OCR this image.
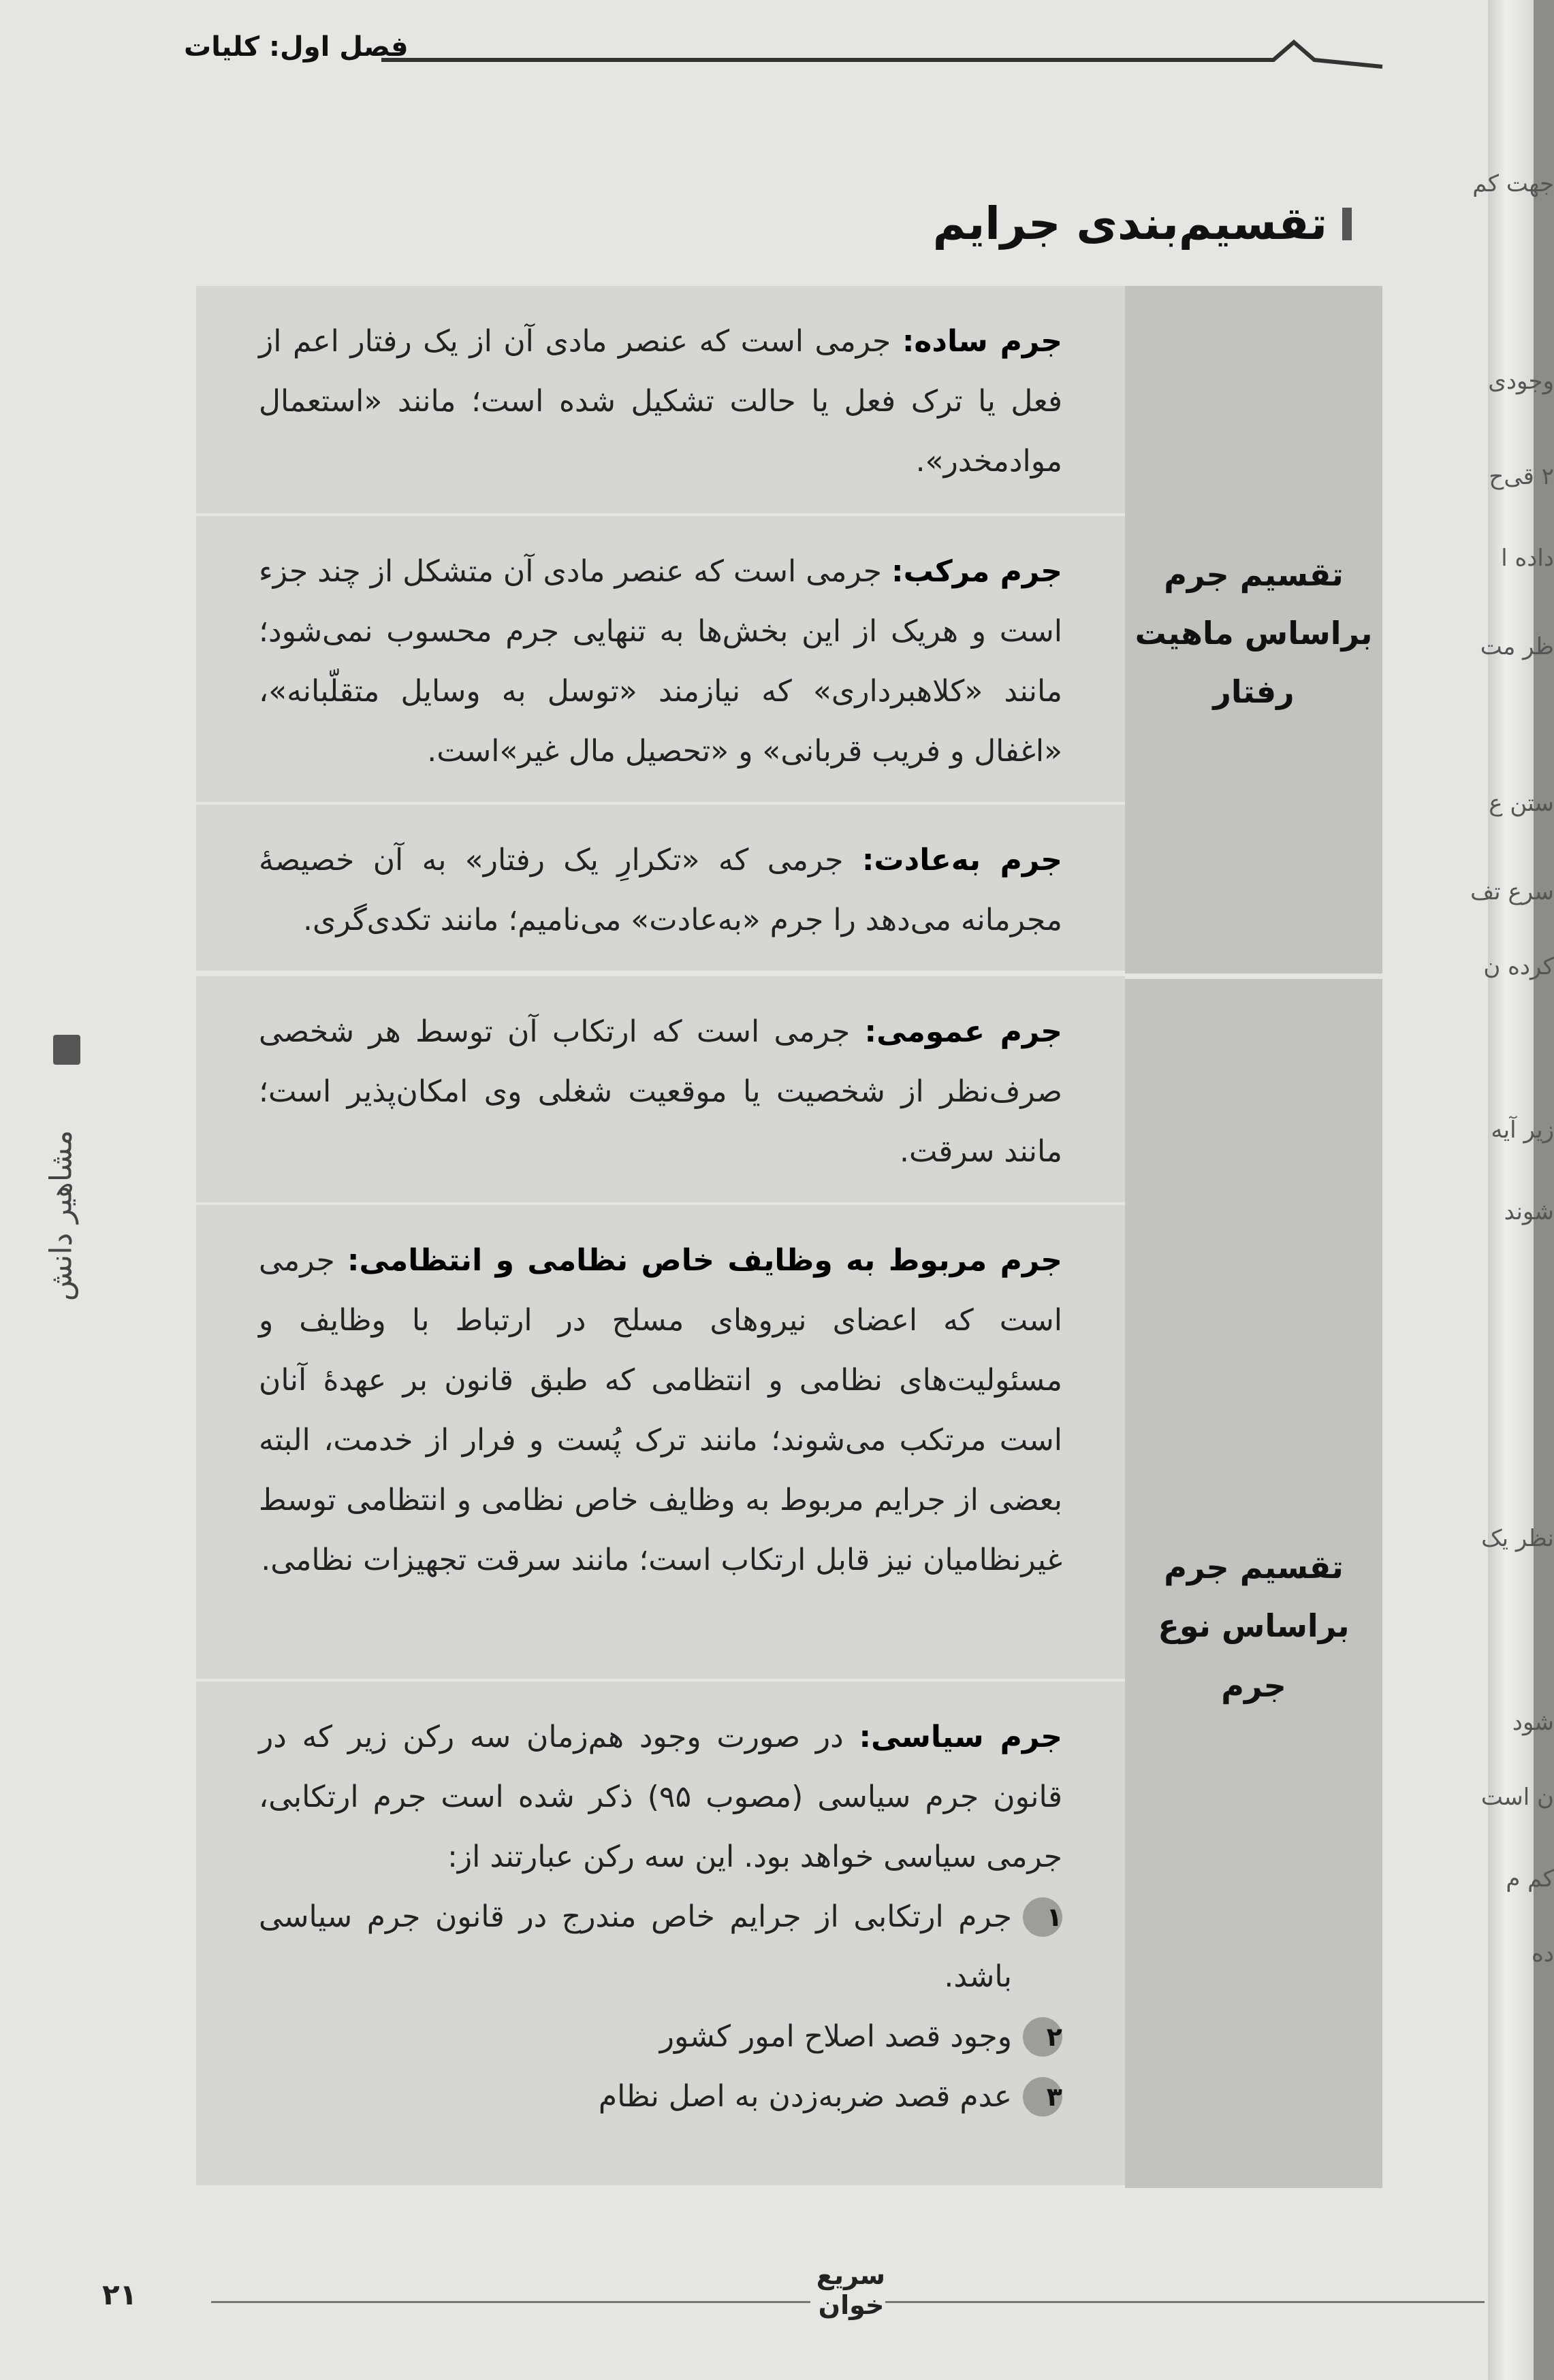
فصل اول: کلیات
مشاهیر دانش
تقسیم‌بندی جرایم
تقسیم جرم
براساس ماهیت
رفتار
تقسیم جرم
براساس نوع جرم
جرم ساده: جرمی است که عنصر مادی آن از یک رفتار اعم از فعل یا ترک فعل یا حالت تشکیل شده است؛ مانند «استعمال موادمخدر».
جرم مرکب: جرمی است که عنصر مادی آن متشکل از چند جزء است و هریک از این بخش‌ها به تنهایی جرم محسوب نمی‌شود؛ مانند «کلاهبرداری» که نیازمند «توسل به وسایل متقلّبانه»، «اغفال و فریب قربانی» و «تحصیل مال غیر»است.
جرم به‌عادت: جرمی که «تکرارِ یک رفتار» به آن خصیصهٔ مجرمانه می‌دهد را جرم «به‌عادت» می‌نامیم؛ مانند تکدی‌گری.
جرم عمومی: جرمی است که ارتکاب آن توسط هر شخصی صرف‌نظر از شخصیت یا موقعیت شغلی وی امکان‌پذیر است؛ مانند سرقت.
جرم مربوط به وظایف خاص نظامی و انتظامی: جرمی است که اعضای نیروهای مسلح در ارتباط با وظایف و مسئولیت‌های نظامی و انتظامی که طبق قانون بر عهدهٔ آنان است مرتکب می‌شوند؛ مانند ترک پُست و فرار از خدمت، البته بعضی از جرایم مربوط به وظایف خاص نظامی و انتظامی توسط غیرنظامیان نیز قابل ارتکاب است؛ مانند سرقت تجهیزات نظامی.
جرم سیاسی: در صورت وجود هم‌زمان سه رکن زیر که در قانون جرم سیاسی (مصوب ۹۵) ذکر شده است جرم ارتکابی، جرمی سیاسی خواهد بود. این سه رکن عبارتند از:
۱
جرم ارتکابی از جرایم خاص مندرج در قانون جرم سیاسی باشد.
۲
وجود قصد اصلاح امور کشور
۳
عدم قصد ضربه‌زدن به اصل نظام
۲۱
سریع
خوان
جهت کم
وجودی
۲ قی‌ح
داده ا
ظر مت
ستن ع
سرع تف
کرده ن
زیر آیه
شوند
نظر یک
شود
ن است
کم م
ده
